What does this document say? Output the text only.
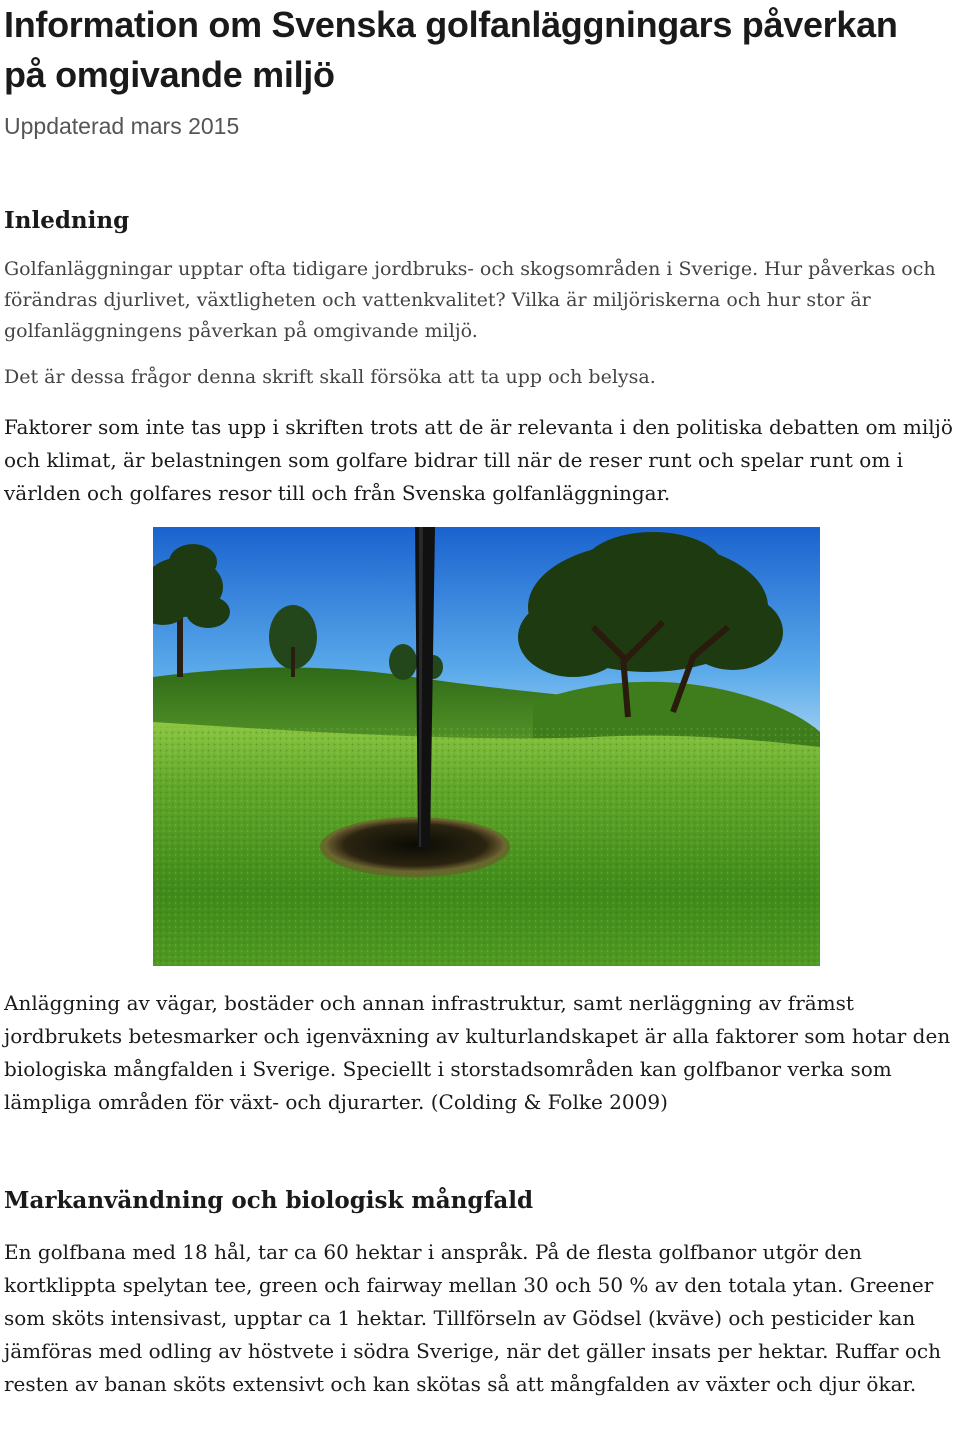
Information om Svenska golfanläggningars påverkan på omgivande miljö

Uppdaterad mars 2015

Inledning

Golfanläggningar upptar ofta tidigare jordbruks- och skogsområden i Sverige. Hur påverkas och förändras djurlivet, växtligheten och vattenkvalitet? Vilka är miljöriskerna och hur stor är golfanläggningens påverkan på omgivande miljö.

Det är dessa frågor denna skrift skall försöka att ta upp och belysa.

Faktorer som inte tas upp i skriften trots att de är relevanta i den politiska debatten om miljö och klimat, är belastningen som golfare bidrar till när de reser runt och spelar runt om i världen och golfares resor till och från Svenska golfanläggningar.

Anläggning av vägar, bostäder och annan infrastruktur, samt nerläggning av främst jordbrukets betesmarker och igenväxning av kulturlandskapet är alla faktorer som hotar den biologiska mångfalden i Sverige. Speciellt i storstadsområden kan golfbanor verka som lämpliga områden för växt- och djurarter. (Colding & Folke 2009)

Markanvändning och biologisk mångfald

En golfbana med 18 hål, tar ca 60 hektar i anspråk. På de flesta golfbanor utgör den kortklippta spelytan tee, green och fairway mellan 30 och 50 % av den totala ytan. Greener som sköts intensivast, upptar ca 1 hektar. Tillförseln av Gödsel (kväve) och pesticider kan jämföras med odling av höstvete i södra Sverige, när det gäller insats per hektar. Ruffar och resten av banan sköts extensivt och kan skötas så att mångfalden av växter och djur ökar.
